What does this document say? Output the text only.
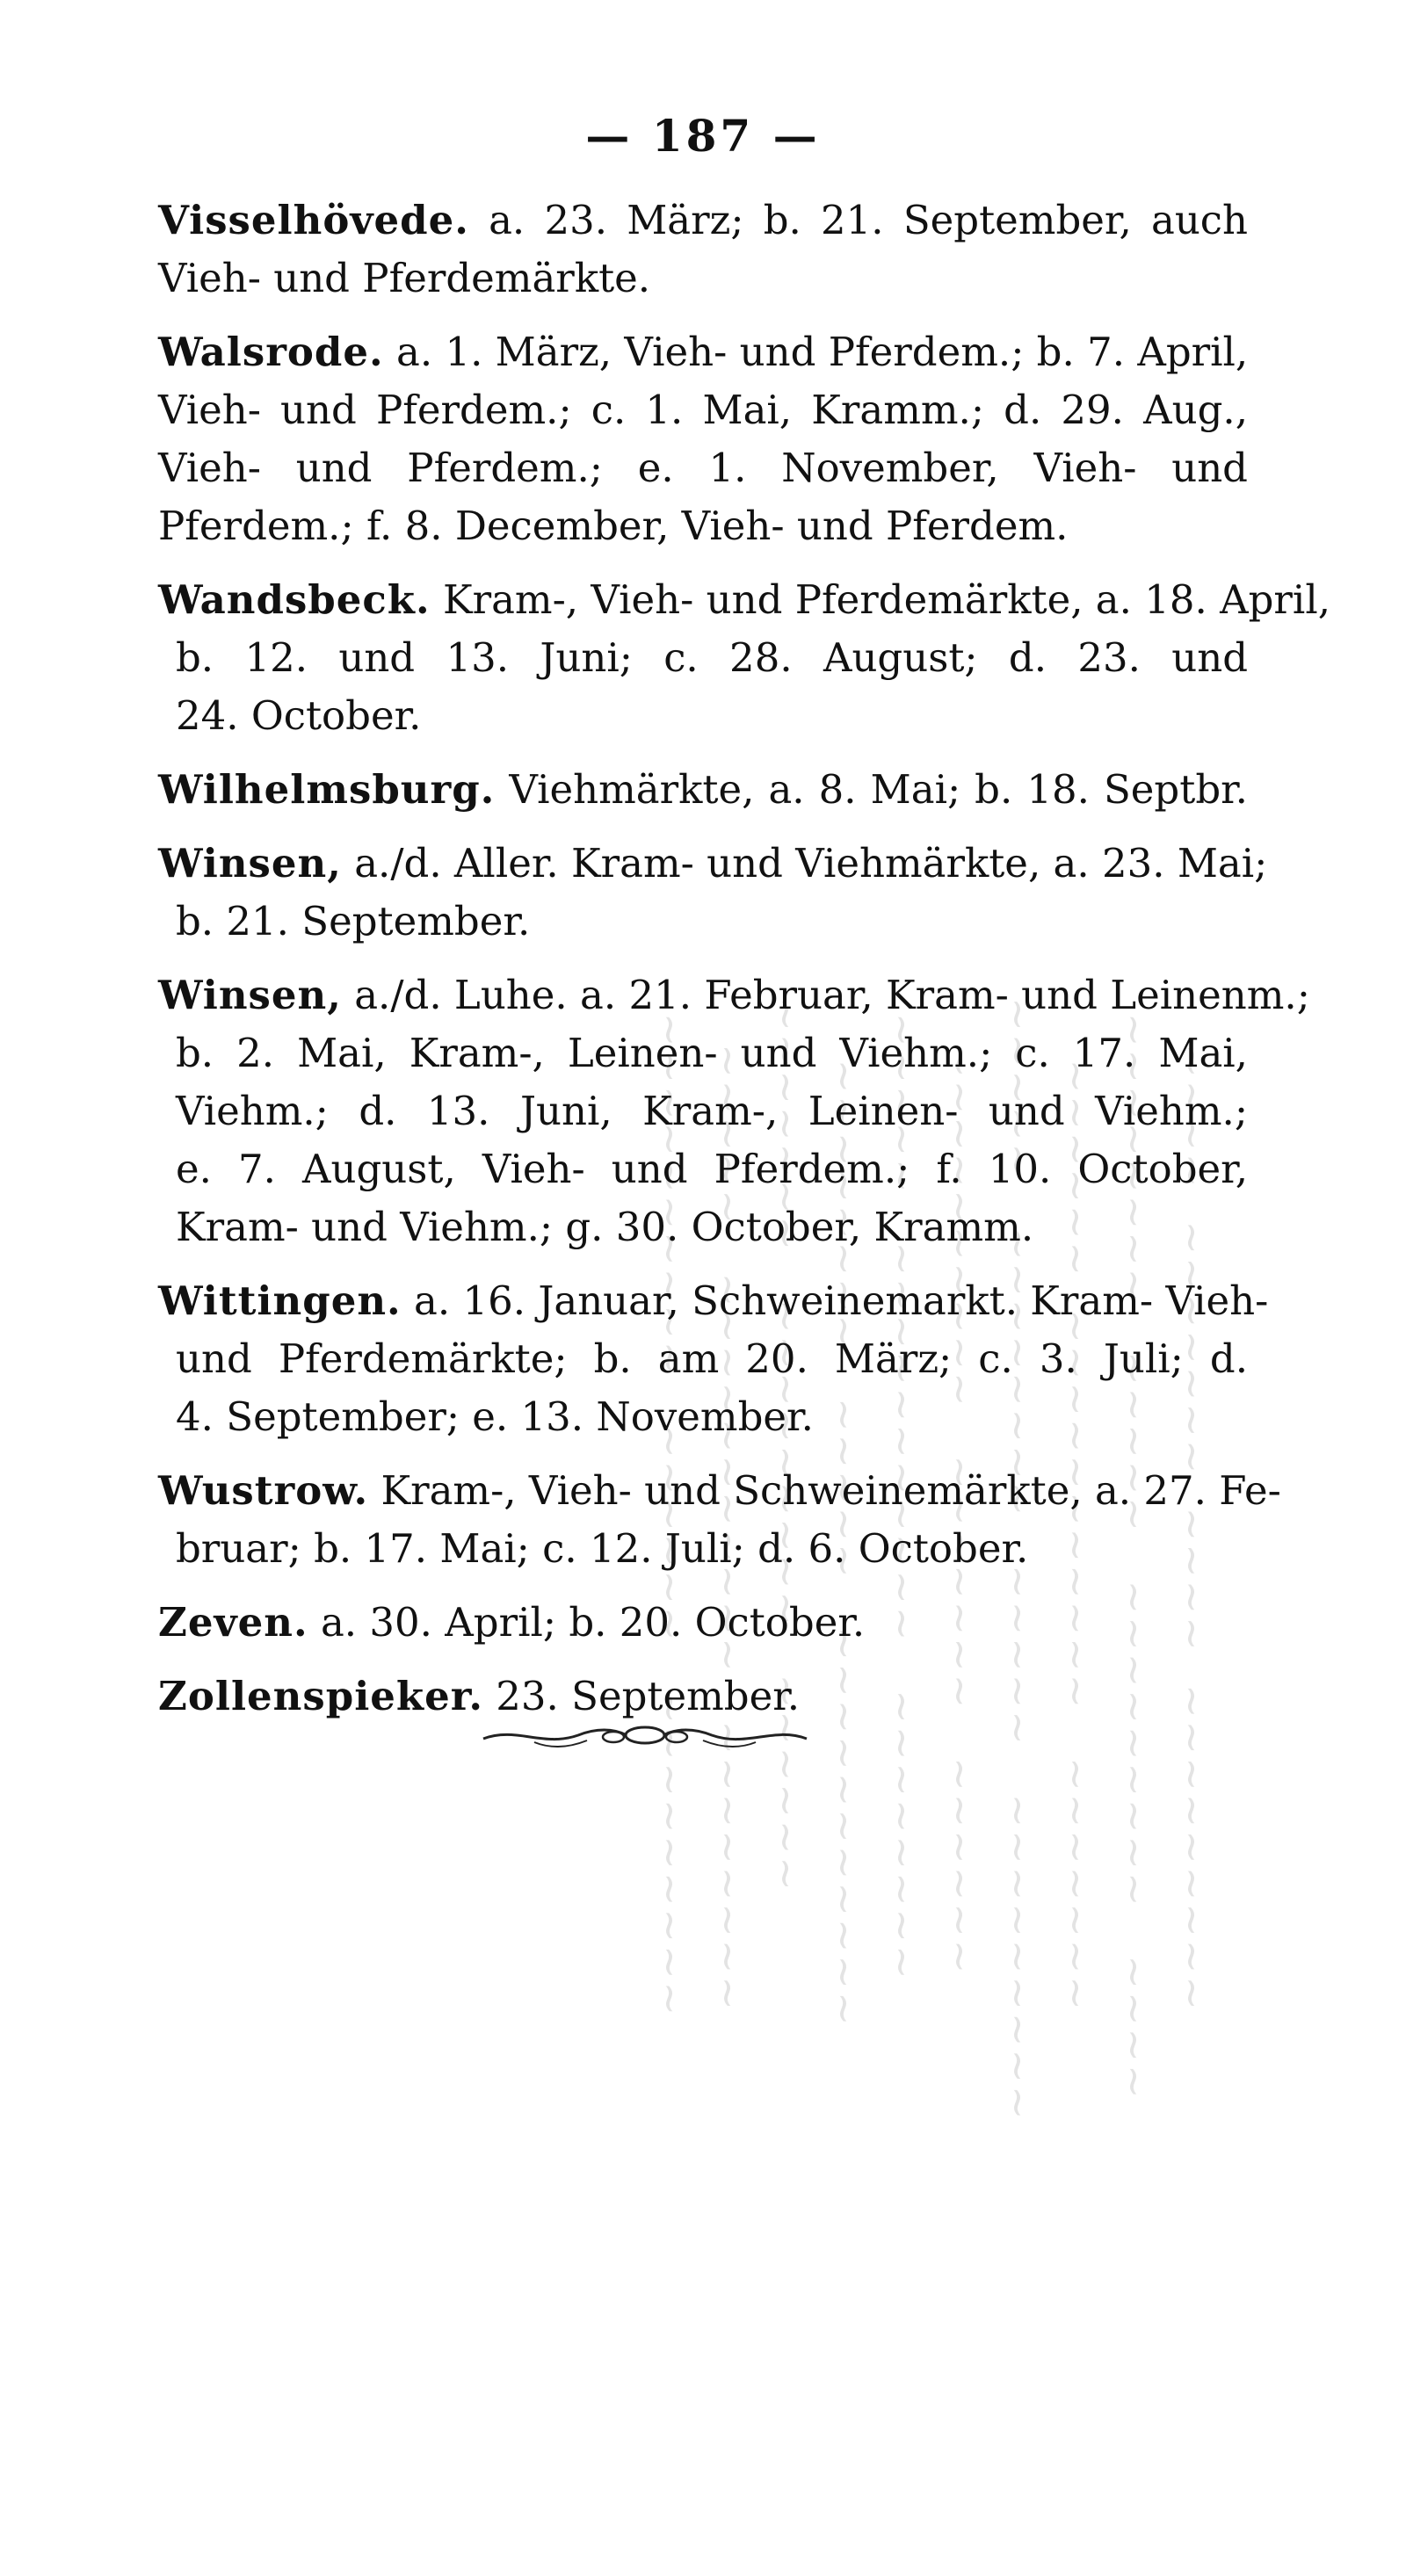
~~~~  ~~~~~~~  ~~~~  ~~~~~~~~~
~~~~~~~~   ~~~~~   ~~~~~~~~~   ~~~~
~~~~~~  ~~~~~~~~~~~   ~~~~~~~
~~~~~   ~~~~~~~~   ~~~~~   ~~~~~~~~~
~~~~~~~~~~   ~~~~~~~   ~~~~~~
~~~~~   ~~~~~~~~~~~   ~~~~~~~~
~~~~~~~~   ~~~~~   ~~~~~~~~~~~
~~~~~~~   ~~~~~~~~~   ~~~~~~
~~~~~   ~~~~~~~~~~~   ~~~~~~~~
~~~~~~~~~~   ~~~~~~   ~~~~~~~~~
— 187 —

Visselhövede. a. 23. März; b. 21. September, auch
Vieh- und Pferdemärkte.

Walsrode. a. 1. März, Vieh- und Pferdem.; b. 7. April,
Vieh- und Pferdem.; c. 1. Mai, Kramm.; d. 29. Aug.,
Vieh- und Pferdem.; e. 1. November, Vieh- und
Pferdem.; f. 8. December, Vieh- und Pferdem.

Wandsbeck. Kram-, Vieh- und Pferdemärkte, a. 18. April,
b. 12. und 13. Juni; c. 28. August; d. 23. und
24. October.

Wilhelmsburg. Viehmärkte, a. 8. Mai; b. 18. Septbr.

Winsen, a./d. Aller. Kram- und Viehmärkte, a. 23. Mai;
b. 21. September.

Winsen, a./d. Luhe. a. 21. Februar, Kram- und Leinenm.;
b. 2. Mai, Kram-, Leinen- und Viehm.; c. 17. Mai,
Viehm.; d. 13. Juni, Kram-, Leinen- und Viehm.;
e. 7. August, Vieh- und Pferdem.; f. 10. October,
Kram- und Viehm.; g. 30. October, Kramm.

Wittingen. a. 16. Januar, Schweinemarkt. Kram- Vieh-
und Pferdemärkte; b. am 20. März; c. 3. Juli; d.
4. September; e. 13. November.

Wustrow. Kram-, Vieh- und Schweinemärkte, a. 27. Fe-
bruar; b. 17. Mai; c. 12. Juli; d. 6. October.

Zeven. a. 30. April; b. 20. October.

Zollenspieker. 23. September.
